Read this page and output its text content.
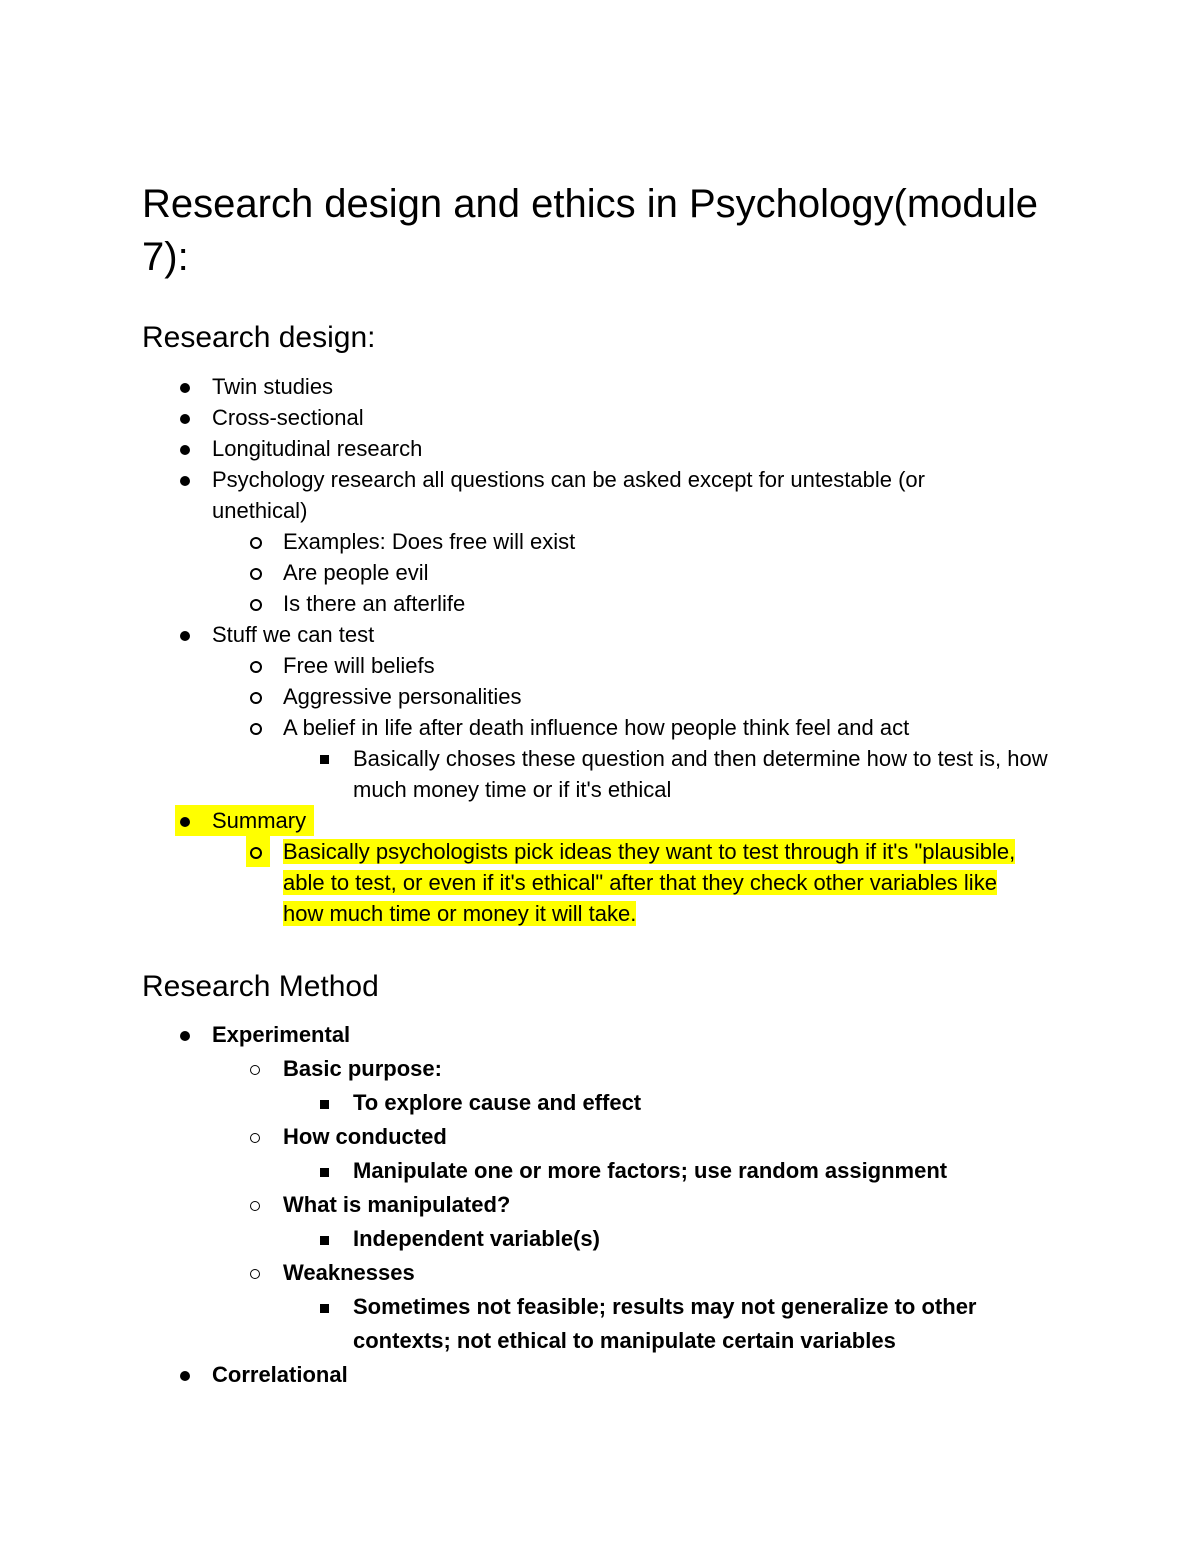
Research design and ethics in Psychology(module 7):
Research design:
Twin studies
Cross-sectional
Longitudinal research
Psychology research all questions can be asked except for untestable (or unethical)
Examples: Does free will exist
Are people evil
Is there an afterlife
Stuff we can test
Free will beliefs
Aggressive personalities
A belief in life after death influence how people think feel and act
Basically choses these question and then determine how to test is, how much money time or if it's ethical
Summary
Basically psychologists pick ideas they want to test through if it's "plausible, able to test, or even if it's ethical" after that they check other variables like how much time or money it will take.
Research Method
Experimental
Basic purpose:
To explore cause and effect
How conducted
Manipulate one or more factors; use random assignment
What is manipulated?
Independent variable(s)
Weaknesses
Sometimes not feasible; results may not generalize to other contexts; not ethical to manipulate certain variables
Correlational
